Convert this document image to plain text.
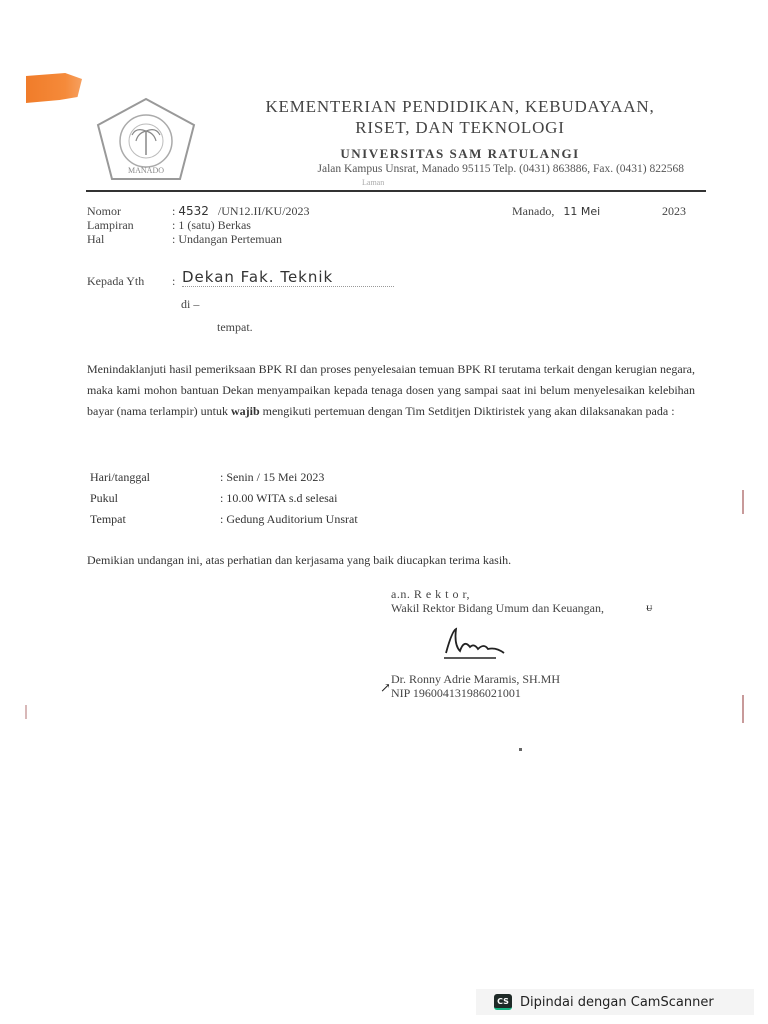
MANADO
KEMENTERIAN PENDIDIKAN, KEBUDAYAAN,
RISET, DAN TEKNOLOGI
UNIVERSITAS SAM RATULANGI
Jalan Kampus Unsrat, Manado 95115 Telp. (0431) 863886, Fax. (0431) 822568
Laman
Nomor	: 4532 /UN12.II/KU/2023
Lampiran	: 1 (satu) Berkas
Hal	: Undangan Pertemuan
Manado, 11 Mei	2023
Kepada Yth : Dekan Fak. Teknik
di –
tempat.
Menindaklanjuti hasil pemeriksaan BPK RI dan proses penyelesaian temuan BPK RI terutama terkait dengan kerugian negara, maka kami mohon bantuan Dekan menyampaikan kepada tenaga dosen yang sampai saat ini belum menyelesaikan kelebihan bayar (nama terlampir) untuk wajib mengikuti pertemuan dengan Tim Setditjen Diktiristek yang akan dilaksanakan pada :
Hari/tanggal	: Senin / 15 Mei 2023
Pukul	: 10.00 WITA s.d selesai
Tempat	: Gedung Auditorium Unsrat
Demikian undangan ini, atas perhatian dan kerjasama yang baik diucapkan terima kasih.
a.n. R e k t o r,
Wakil Rektor Bidang Umum dan Keuangan,	ᵾ
Dr. Ronny Adrie Maramis, SH.MH
↗ NIP 196004131986021001
CS Dipindai dengan CamScanner
